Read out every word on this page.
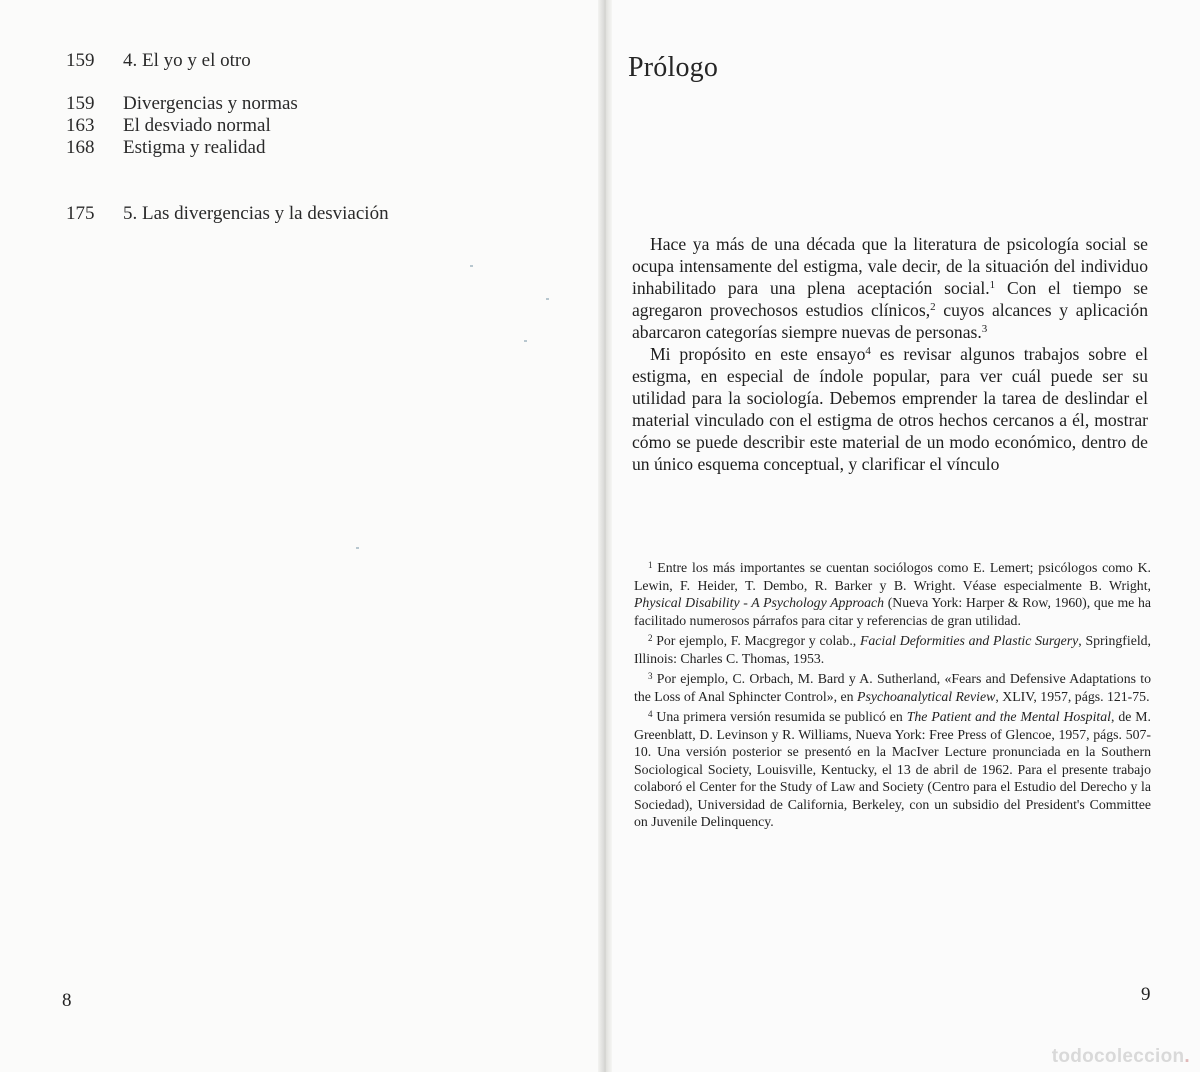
159 4. El yo y el otro
159 Divergencias y normas
163 El desviado normal
168 Estigma y realidad
175 5. Las divergencias y la desviación
8
Prólogo

Hace ya más de una década que la literatura de psicología social se ocupa intensamente del estigma, vale decir, de la situación del individuo inhabilitado para una plena aceptación social.$^1$ Con el tiempo se agregaron provechosos estudios clínicos,$^2$ cuyos alcances y aplicación abarcaron categorías siempre nuevas de personas.$^3$

Mi propósito en este ensayo$^4$ es revisar algunos trabajos sobre el estigma, en especial de índole popular, para ver cuál puede ser su utilidad para la sociología. Debemos emprender la tarea de deslindar el material vinculado con el estigma de otros hechos cercanos a él, mostrar cómo se puede describir este material de un modo económico, dentro de un único esquema conceptual, y clarificar el vínculo

$^1$ Entre los más importantes se cuentan sociólogos como E. Lemert; psicólogos como K. Lewin, F. Heider, T. Dembo, R. Barker y B. Wright. Véase especialmente B. Wright, Physical Disability - A Psychology Approach (Nueva York: Harper & Row, 1960), que me ha facilitado numerosos párrafos para citar y referencias de gran utilidad.

$^2$ Por ejemplo, F. Macgregor y colab., Facial Deformities and Plastic Surgery, Springfield, Illinois: Charles C. Thomas, 1953.

$^3$ Por ejemplo, C. Orbach, M. Bard y A. Sutherland, «Fears and Defensive Adaptations to the Loss of Anal Sphincter Control», en Psychoanalytical Review, XLIV, 1957, págs. 121-75.

$^4$ Una primera versión resumida se publicó en The Patient and the Mental Hospital, de M. Greenblatt, D. Levinson y R. Williams, Nueva York: Free Press of Glencoe, 1957, págs. 507-10. Una versión posterior se presentó en la MacIver Lecture pronunciada en la Southern Sociological Society, Louisville, Kentucky, el 13 de abril de 1962. Para el presente trabajo colaboró el Center for the Study of Law and Society (Centro para el Estudio del Derecho y la Sociedad), Universidad de California, Berkeley, con un subsidio del President's Committee on Juvenile Delinquency.

9
todocoleccion.
